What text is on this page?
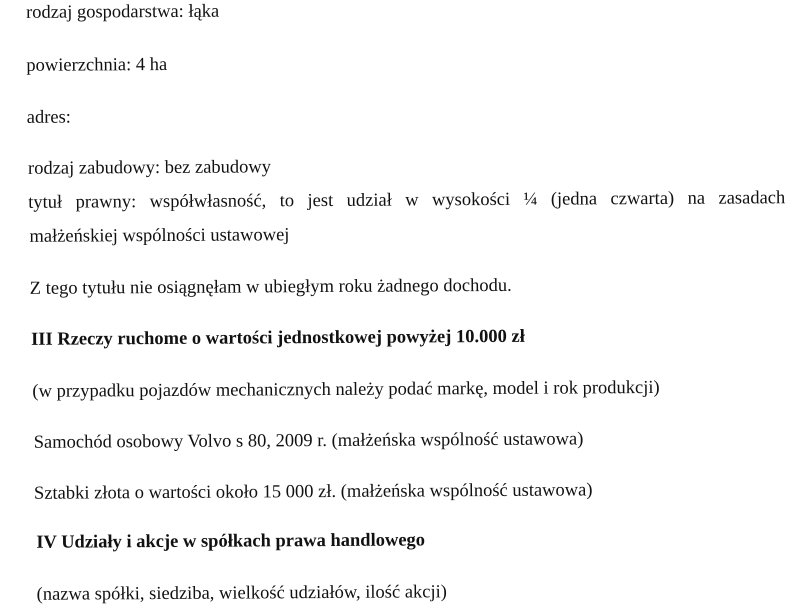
rodzaj gospodarstwa: łąka
powierzchnia: 4 ha
adres:
rodzaj zabudowy: bez zabudowy
tytuł prawny: współwłasność, to jest udział w wysokości ¼ (jedna czwarta) na zasadach
małżeńskiej wspólności ustawowej
Z tego tytułu nie osiągnęłam w ubiegłym roku żadnego dochodu.
III Rzeczy ruchome o wartości jednostkowej powyżej 10.000 zł
(w przypadku pojazdów mechanicznych należy podać markę, model i rok produkcji)
Samochód osobowy Volvo s 80, 2009 r. (małżeńska wspólność ustawowa)
Sztabki złota o wartości około 15 000 zł. (małżeńska wspólność ustawowa)
IV Udziały i akcje w spółkach prawa handlowego
(nazwa spółki, siedziba, wielkość udziałów, ilość akcji)
